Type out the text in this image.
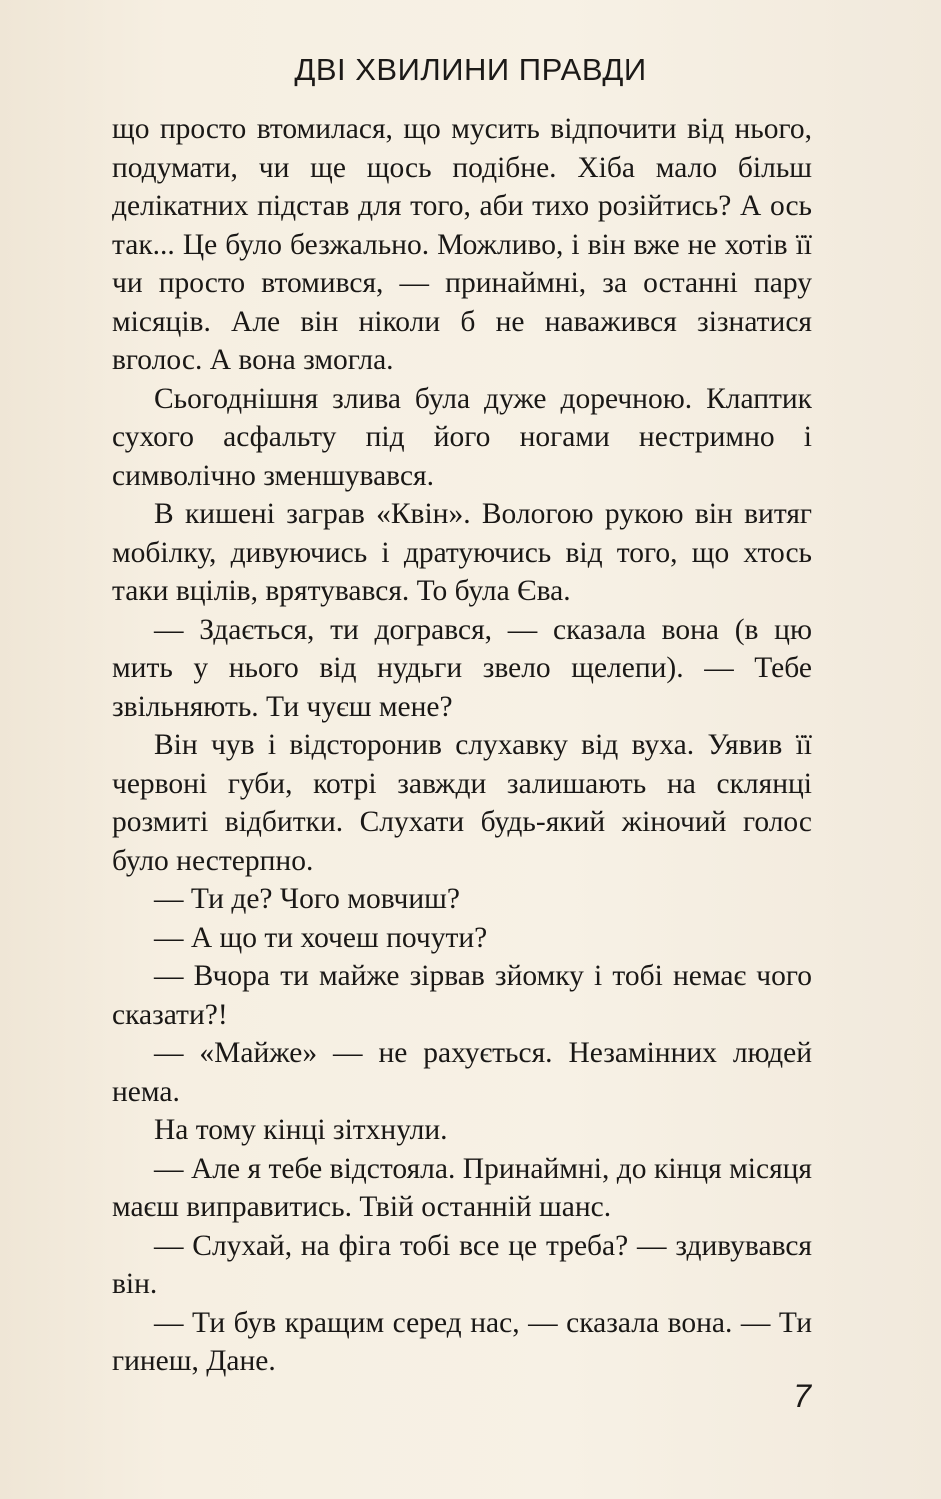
ДВІ ХВИЛИНИ ПРАВДИ

що просто втомилася, що мусить відпочити від нього, подумати, чи ще щось подібне. Хіба мало більш делікатних підстав для того, аби тихо розійтись? А ось так... Це було безжально. Можливо, і він вже не хотів її чи просто втомився, — принаймні, за останні пару місяців. Але він ніколи б не наважився зізнатися вголос. А вона змогла.

Сьогоднішня злива була дуже доречною. Клаптик сухого асфальту під його ногами нестримно і символічно зменшувався.

В кишені заграв «Квін». Вологою рукою він витяг мобілку, дивуючись і дратуючись від того, що хтось таки вцілів, врятувався. То була Єва.

— Здається, ти догрався, — сказала вона (в цю мить у нього від нудьги звело щелепи). — Тебе звільняють. Ти чуєш мене?

Він чув і відсторонив слухавку від вуха. Уявив її червоні губи, котрі завжди залишають на склянці розмиті відбитки. Слухати будь-який жіночий голос було нестерпно.

— Ти де? Чого мовчиш?

— А що ти хочеш почути?

— Вчора ти майже зірвав зйомку і тобі немає чого сказати?!

— «Майже» — не рахується. Незамінних людей нема.

На тому кінці зітхнули.

— Але я тебе відстояла. Принаймні, до кінця місяця маєш виправитись. Твій останній шанс.

— Слухай, на фіга тобі все це треба? — здивувався він.

— Ти був кращим серед нас, — сказала вона. — Ти гинеш, Дане.

7
